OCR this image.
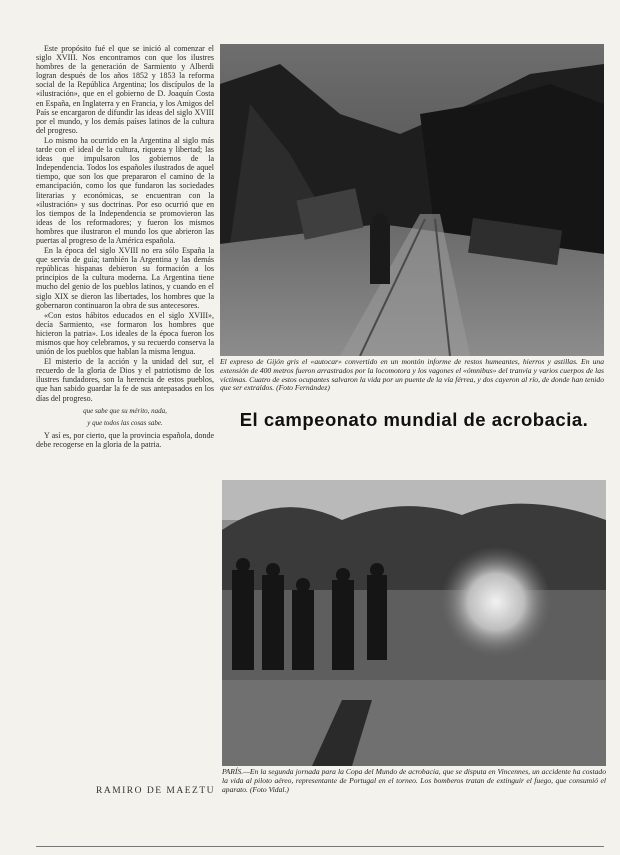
Este propósito fué el que se inició al comenzar el siglo XVIII. Nos encontramos con que los ilustres hombres de la generación de Sarmiento y Alberdi logran después de los años 1852 y 1853 la reforma social de la República Argentina; los discípulos de la «ilustración», que en el gobierno de D. Joaquín Costa en España, en Inglaterra y en Francia, y los Amigos del País se encargaron de difundir las ideas del siglo XVIII por el mundo, y los demás países latinos de la cultura del progreso.

Lo mismo ha ocurrido en la Argentina al siglo más tarde con el ideal de la cultura, riqueza y libertad; las ideas que impulsaron los gobiernos de la Independencia. Todos los españoles ilustrados de aquel tiempo, que son los que prepararon el camino de la emancipación, como los que fundaron las sociedades literarias y económicas, se encuentran con la «ilustración» y sus doctrinas. Por eso ocurrió que en los tiempos de la Independencia se promovieron las ideas de los reformadores; y fueron los mismos hombres que ilustraron el mundo los que abrieron las puertas al progreso de la América española.

En la época del siglo XVIII no era sólo España la que servía de guía; también la Argentina y las demás repúblicas hispanas debieron su formación a los principios de la cultura moderna. La Argentina tiene mucho del genio de los pueblos latinos, y cuando en el siglo XIX se dieron las libertades, los hombres que la gobernaron continuaron la obra de sus antecesores.

«Con estos hábitos educados en el siglo XVIII», decía Sarmiento, «se formaron los hombres que hicieron la patria». Los ideales de la época fueron los mismos que hoy celebramos, y su recuerdo conserva la unión de los pueblos que hablan la misma lengua.

El misterio de la acción y la unidad del sur, el recuerdo de la gloria de Dios y el patriotismo de los ilustres fundadores, son la herencia de estos pueblos, que han sabido guardar la fe de sus antepasados en los días del progreso.

que sabe que su mérito, nada,

y que todos las cosas sabe.

Y así es, por cierto, que la provincia española, donde debe recogerse en la gloria de la patria.

RAMIRO DE MAEZTU
El expreso de Gijón gris el «autocar» convertido en un montón informe de restos humeantes, hierros y astillas. En una extensión de 400 metros fueron arrastrados por la locomotora y los vagones el «ómnibus» del tranvía y varios cuerpos de las víctimas. Cuatro de estos ocupantes salvaron la vida por un puente de la vía férrea, y dos cayeron al río, de donde han tenido que ser extraídos. (Foto Fernández)
El campeonato mundial de acrobacia.
PARÍS.—En la segunda jornada para la Copa del Mundo de acrobacia, que se disputa en Vincennes, un accidente ha costado la vida al piloto aéreo, representante de Portugal en el torneo. Los bomberos tratan de extinguir el fuego, que consumió el aparato. (Foto Vidal.)
